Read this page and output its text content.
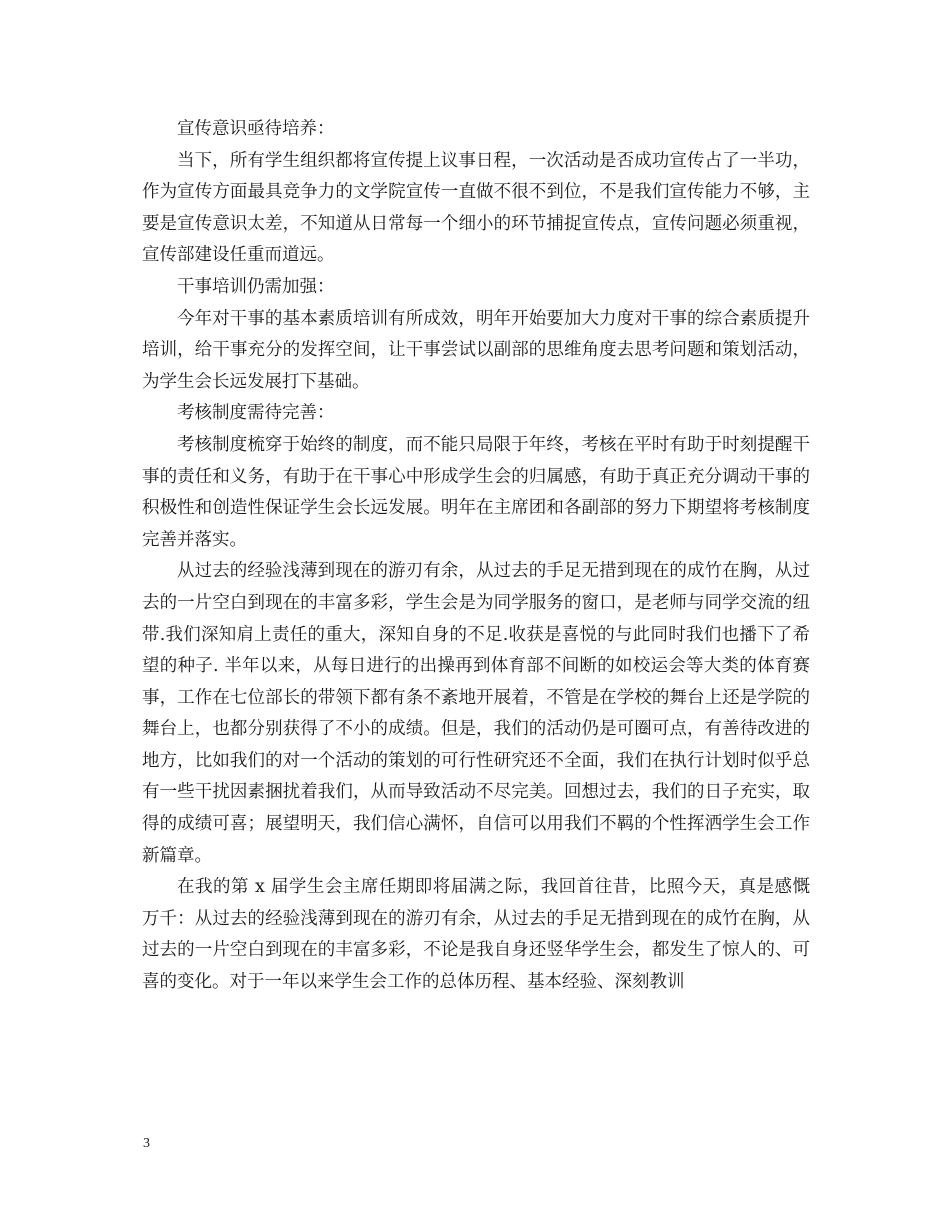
宣传意识亟待培养：

当下，所有学生组织都将宣传提上议事日程，一次活动是否成功宣传占了一半功，作为宣传方面最具竞争力的文学院宣传一直做不很不到位，不是我们宣传能力不够，主要是宣传意识太差，不知道从日常每一个细小的环节捕捉宣传点，宣传问题必须重视，宣传部建设任重而道远。

干事培训仍需加强：

今年对干事的基本素质培训有所成效，明年开始要加大力度对干事的综合素质提升培训，给干事充分的发挥空间，让干事尝试以副部的思维角度去思考问题和策划活动，为学生会长远发展打下基础。

考核制度需待完善：

考核制度梳穿于始终的制度，而不能只局限于年终，考核在平时有助于时刻提醒干事的责任和义务，有助于在干事心中形成学生会的归属感，有助于真正充分调动干事的积极性和创造性保证学生会长远发展。明年在主席团和各副部的努力下期望将考核制度完善并落实。

从过去的经验浅薄到现在的游刃有余，从过去的手足无措到现在的成竹在胸，从过去的一片空白到现在的丰富多彩，学生会是为同学服务的窗口，是老师与同学交流的纽带.我们深知肩上责任的重大，深知自身的不足.收获是喜悦的与此同时我们也播下了希望的种子. 半年以来，从每日进行的出操再到体育部不间断的如校运会等大类的体育赛事，工作在七位部长的带领下都有条不紊地开展着，不管是在学校的舞台上还是学院的舞台上，也都分别获得了不小的成绩。但是，我们的活动仍是可圈可点，有善待改进的地方，比如我们的对一个活动的策划的可行性研究还不全面，我们在执行计划时似乎总有一些干扰因素捆扰着我们，从而导致活动不尽完美。回想过去，我们的日子充实，取得的成绩可喜；展望明天，我们信心满怀，自信可以用我们不羁的个性挥洒学生会工作新篇章。

在我的第 x 届学生会主席任期即将届满之际，我回首往昔，比照今天，真是感慨万千：从过去的经验浅薄到现在的游刃有余，从过去的手足无措到现在的成竹在胸，从过去的一片空白到现在的丰富多彩，不论是我自身还竖华学生会，都发生了惊人的、可喜的变化。对于一年以来学生会工作的总体历程、基本经验、深刻教训

3
